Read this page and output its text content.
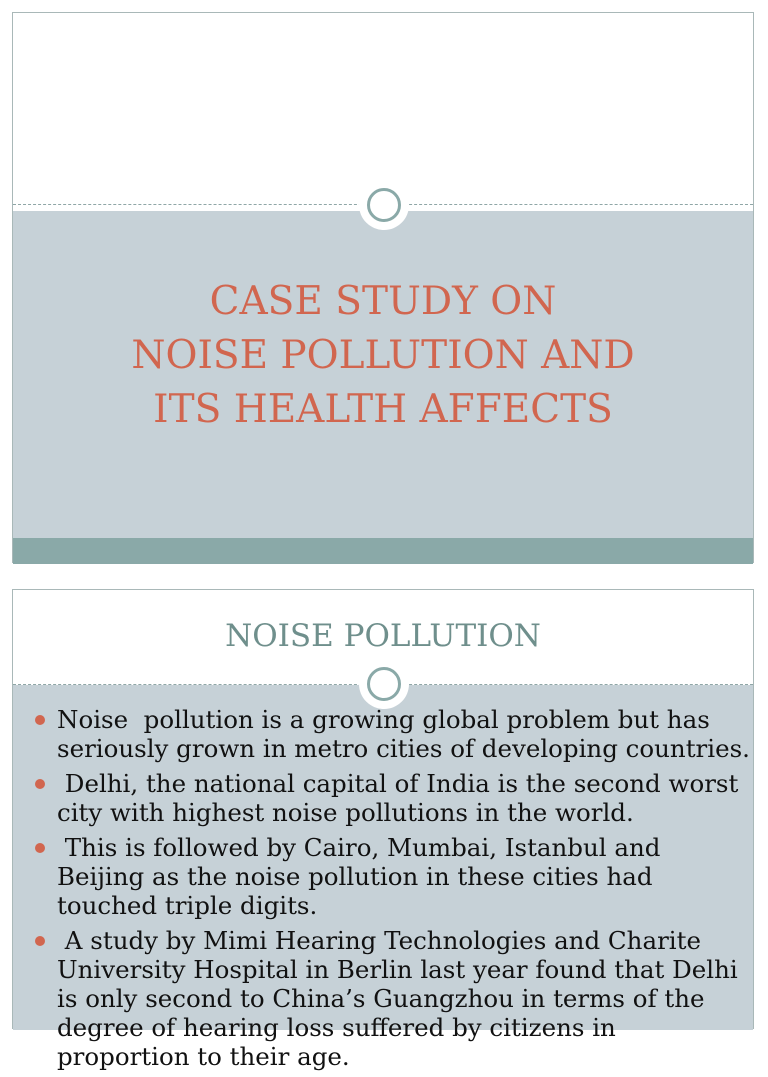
CASE STUDY ON
NOISE POLLUTION AND
ITS HEALTH AFFECTS
NOISE POLLUTION
Noise  pollution is a growing global problem but has seriously grown in metro cities of developing countries.
Delhi, the national capital of India is the second worst city with highest noise pollutions in the world.
This is followed by Cairo, Mumbai, Istanbul and Beijing as the noise pollution in these cities had touched triple digits.
A study by Mimi Hearing Technologies and Charite University Hospital in Berlin last year found that Delhi is only second to China’s Guangzhou in terms of the degree of hearing loss suffered by citizens in proportion to their age.
